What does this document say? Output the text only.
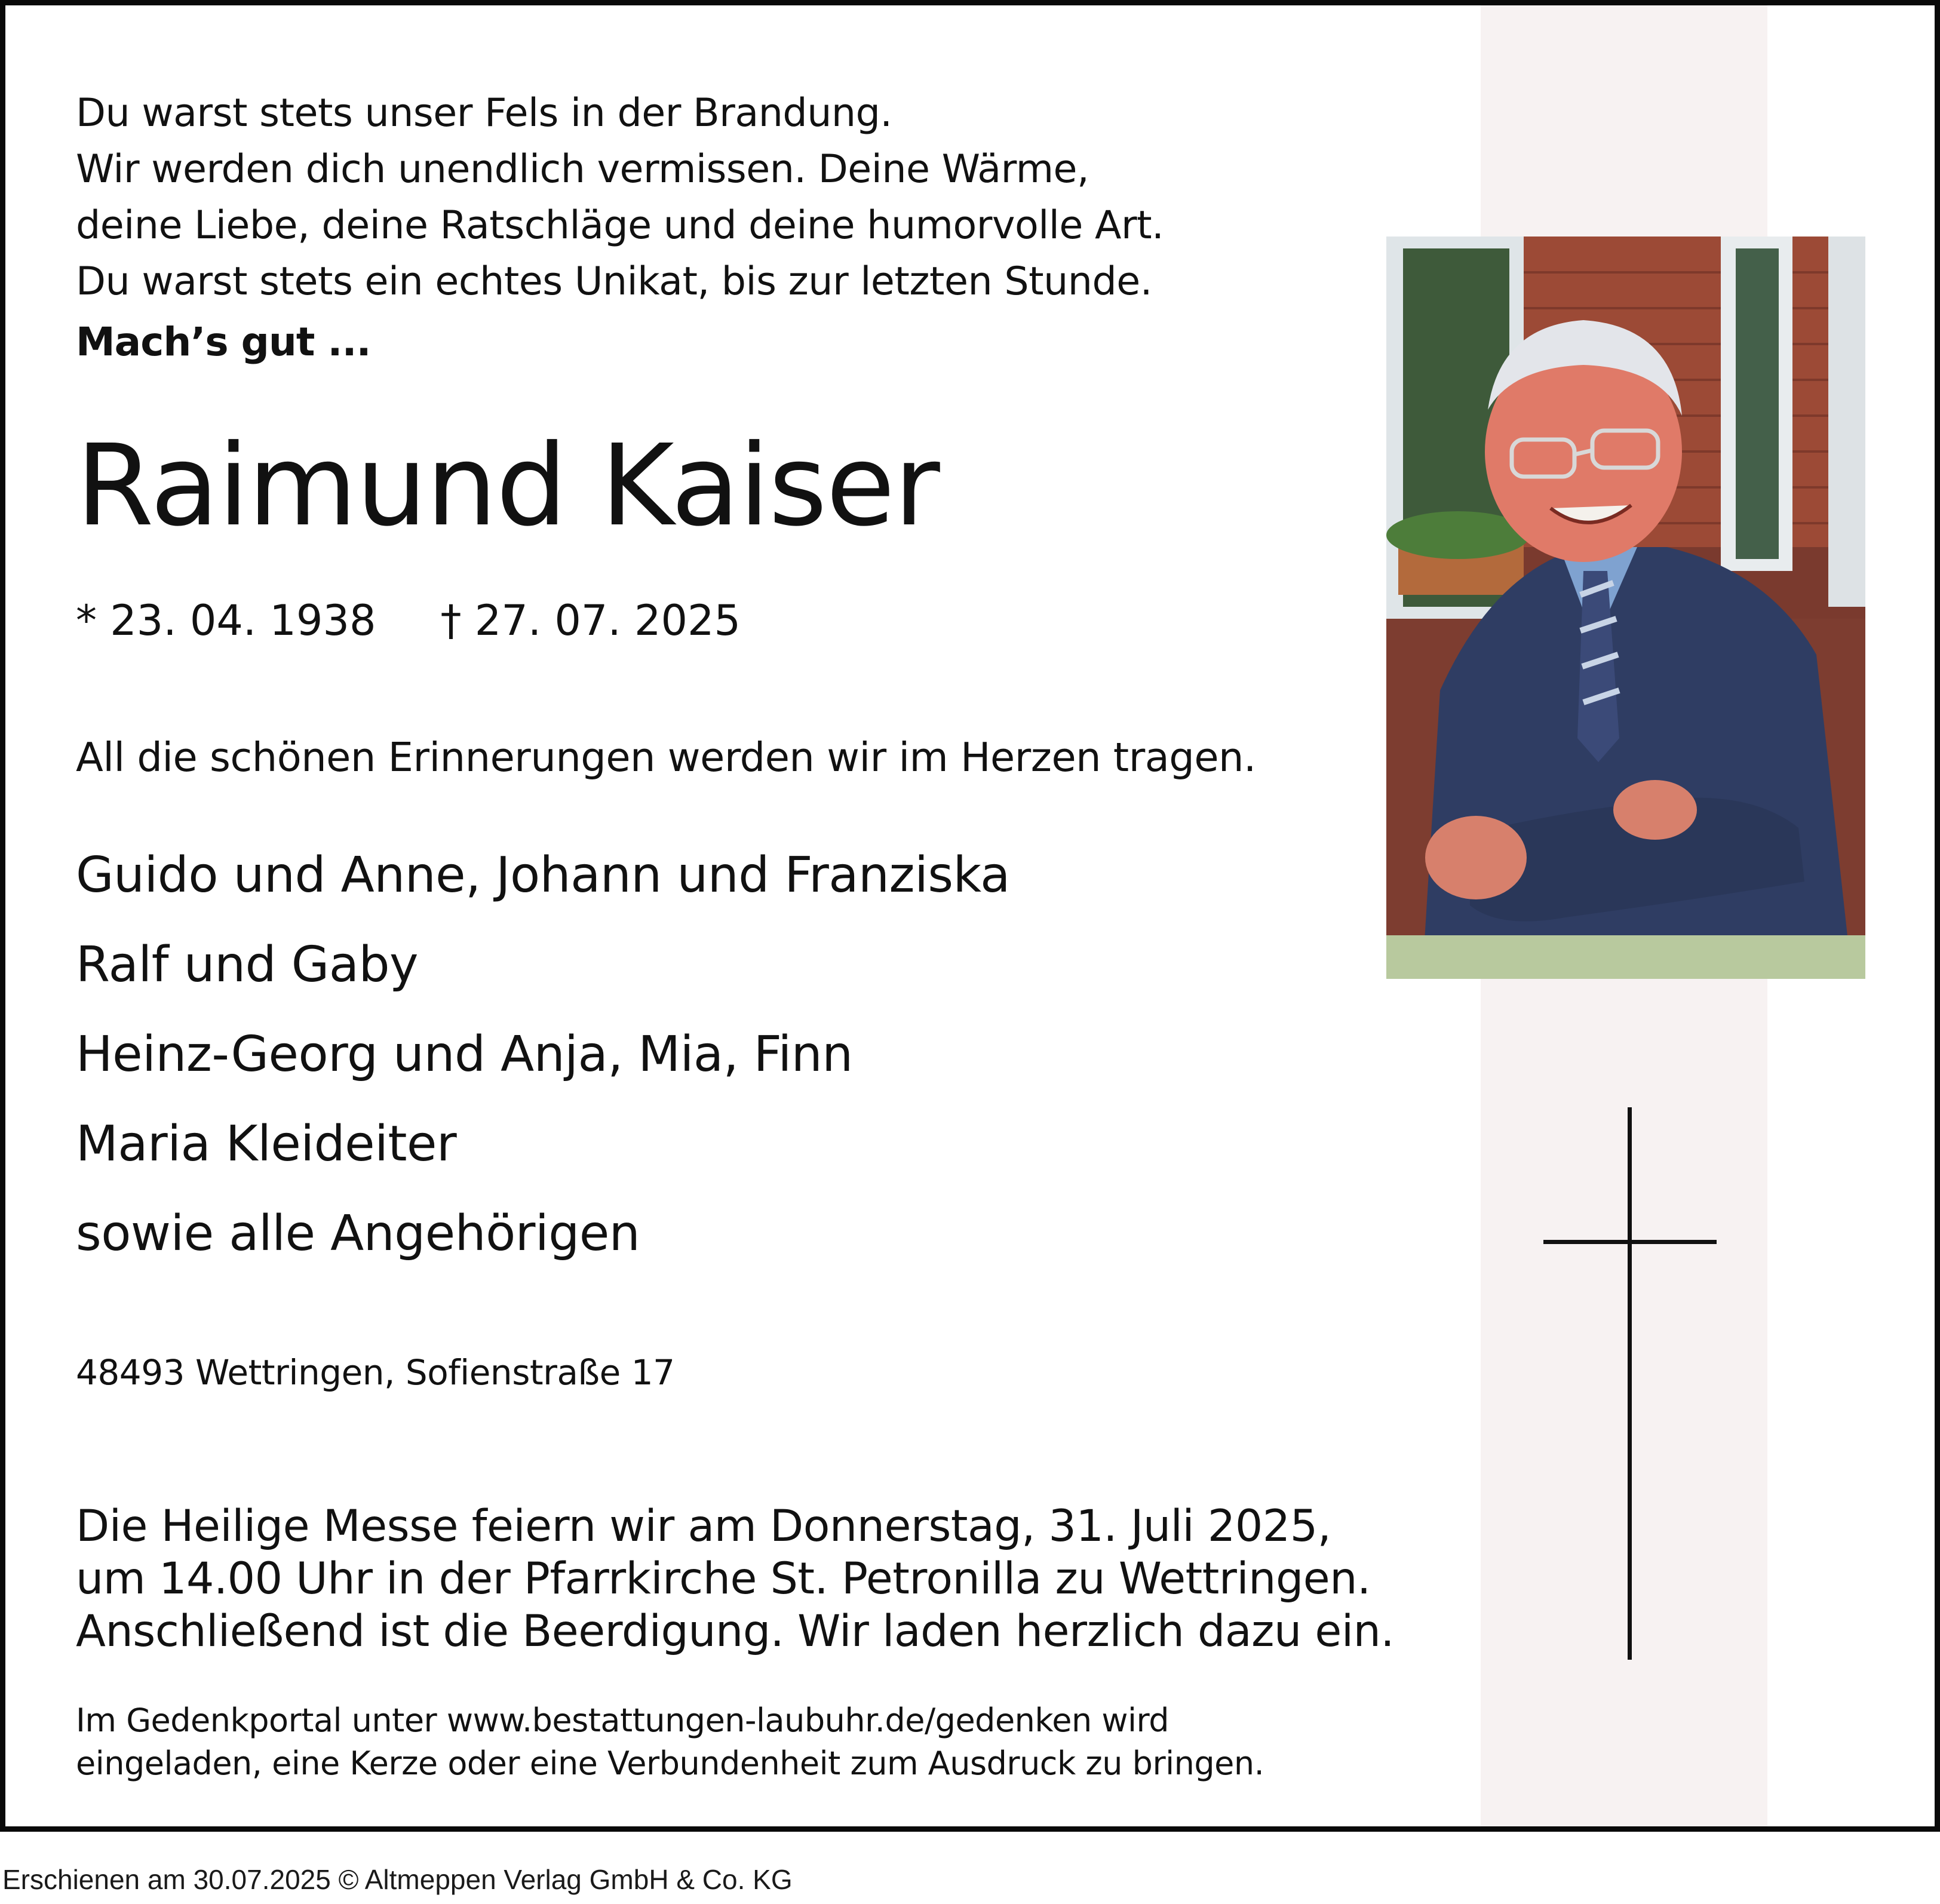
Du warst stets unser Fels in der Brandung.
Wir werden dich unendlich vermissen. Deine Wärme,
deine Liebe, deine Ratschläge und deine humorvolle Art.
Du warst stets ein echtes Unikat, bis zur letzten Stunde.
Mach’s gut ...
Raimund Kaiser
* 23. 04. 1938 † 27. 07. 2025
All die schönen Erinnerungen werden wir im Herzen tragen.
Guido und Anne, Johann und Franziska
Ralf und Gaby
Heinz-Georg und Anja, Mia, Finn
Maria Kleideiter
sowie alle Angehörigen
48493 Wettringen, Sofienstraße 17
Die Heilige Messe feiern wir am Donnerstag, 31. Juli 2025,
um 14.00 Uhr in der Pfarrkirche St. Petronilla zu Wettringen.
Anschließend ist die Beerdigung. Wir laden herzlich dazu ein.
Im Gedenkportal unter www.bestattungen-laubuhr.de/gedenken wird
eingeladen, eine Kerze oder eine Verbundenheit zum Ausdruck zu bringen.
Erschienen am 30.07.2025 © Altmeppen Verlag GmbH & Co. KG
